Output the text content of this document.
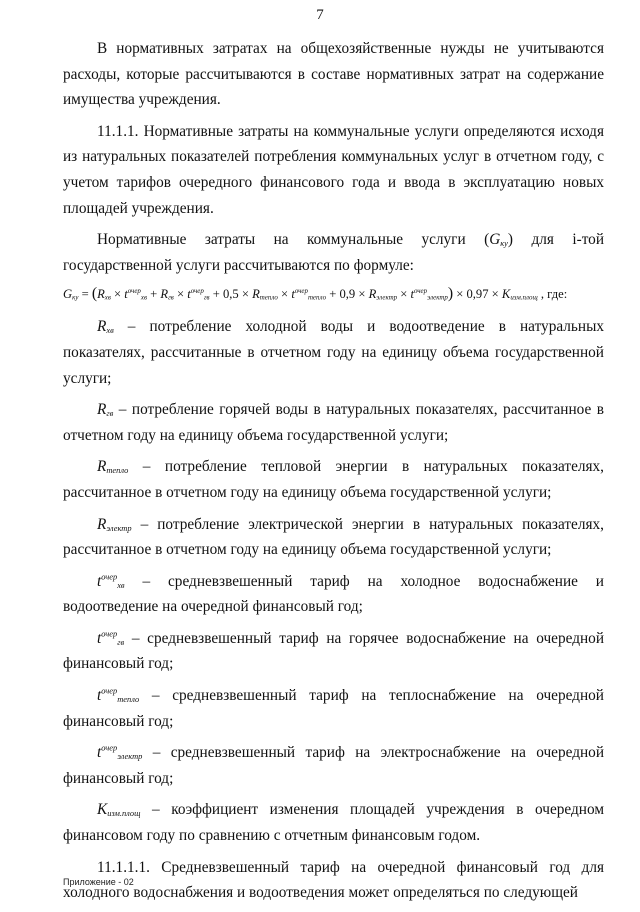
7

В нормативных затратах на общехозяйственные нужды не учитываются расходы, которые рассчитываются в составе нормативных затрат на содержание имущества учреждения.

11.1.1. Нормативные затраты на коммунальные услуги определяются исходя из натуральных показателей потребления коммунальных услуг в отчетном году, с учетом тарифов очередного финансового года и ввода в эксплуатацию новых площадей учреждения.

Нормативные затраты на коммунальные услуги $(G_{ку})$ для i-той государственной услуги рассчитываются по формуле:

$G_{ку} = (R_{хв} \times t^{очер}_{хв} + R_{гв} \times t^{очер}_{гв} + 0,5 \times R_{тепло} \times t^{очер}_{тепло} + 0,9 \times R_{электр} \times t^{очер}_{электр}) \times 0,97 \times K_{изм.площ}$ , где:

$R_{хв}$ – потребление холодной воды и водоотведение в натуральных показателях, рассчитанные в отчетном году на единицу объема государственной услуги;

$R_{гв}$ – потребление горячей воды в натуральных показателях, рассчитанное в отчетном году на единицу объема государственной услуги;

$R_{тепло}$ – потребление тепловой энергии в натуральных показателях, рассчитанное в отчетном году на единицу объема государственной услуги;

$R_{электр}$ – потребление электрической энергии в натуральных показателях, рассчитанное в отчетном году на единицу объема государственной услуги;

$t^{очер}_{хв}$ – средневзвешенный тариф на холодное водоснабжение и водоотведение на очередной финансовый год;

$t^{очер}_{гв}$ – средневзвешенный тариф на горячее водоснабжение на очередной финансовый год;

$t^{очер}_{тепло}$ – средневзвешенный тариф на теплоснабжение на очередной финансовый год;

$t^{очер}_{электр}$ – средневзвешенный тариф на электроснабжение на очередной финансовый год;

$K_{изм.площ}$ – коэффициент изменения площадей учреждения в очередном финансовом году по сравнению с отчетным финансовым годом.

11.1.1.1. Средневзвешенный тариф на очередной финансовый год для холодного водоснабжения и водоотведения может определяться по следующей

Приложение - 02
